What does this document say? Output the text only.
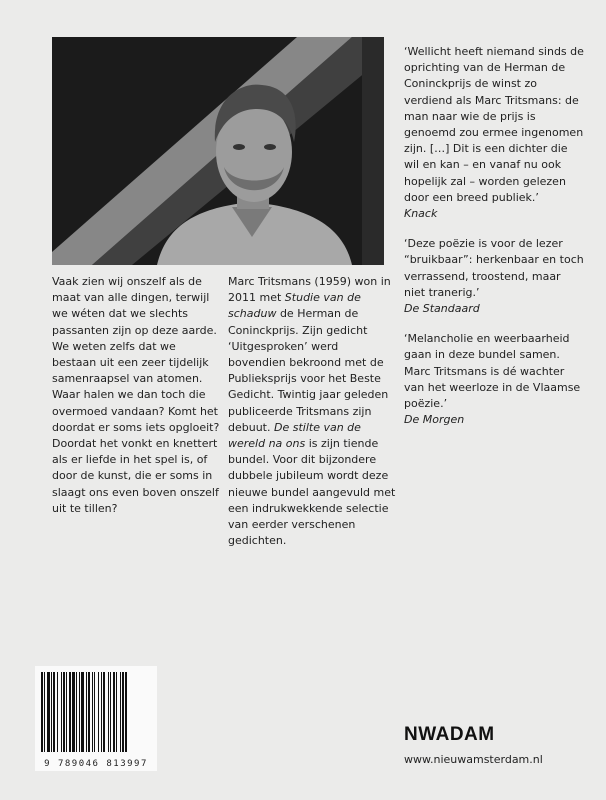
Vaak zien wij onszelf als de maat van alle dingen, terwijl we wéten dat we slechts passanten zijn op deze aarde. We weten zelfs dat we bestaan uit een zeer tijdelijk samenraapsel van atomen. Waar halen we dan toch die overmoed vandaan? Komt het doordat er soms iets opgloeit? Doordat het vonkt en knettert als er liefde in het spel is, of door de kunst, die er soms in slaagt ons even boven onszelf uit te tillen?

Marc Tritsmans (1959) won in 2011 met Studie van de schaduw de Herman de Coninckprijs. Zijn gedicht ‘Uitgesproken’ werd bovendien bekroond met de Publieksprijs voor het Beste Gedicht. Twintig jaar geleden publiceerde Tritsmans zijn debuut. De stilte van de wereld na ons is zijn tiende bundel. Voor dit bijzondere dubbele jubileum wordt deze nieuwe bundel aangevuld met een indrukwekkende selectie van eerder verschenen gedichten.

‘Wellicht heeft niemand sinds de oprichting van de Herman de Coninckprijs de winst zo verdiend als Marc Tritsmans: de man naar wie de prijs is genoemd zou ermee ingenomen zijn. […] Dit is een dichter die wil en kan – en vanaf nu ook hopelijk zal – worden gelezen door een breed publiek.’
Knack

‘Deze poëzie is voor de lezer “bruikbaar”: herkenbaar en toch verrassend, troostend, maar niet tranerig.’
De Standaard

‘Melancholie en weerbaarheid gaan in deze bundel samen. Marc Tritsmans is dé wachter van het weerloze in de Vlaamse poëzie.’
De Morgen

9 789046 813997
NWADAM
www.nieuwamsterdam.nl
